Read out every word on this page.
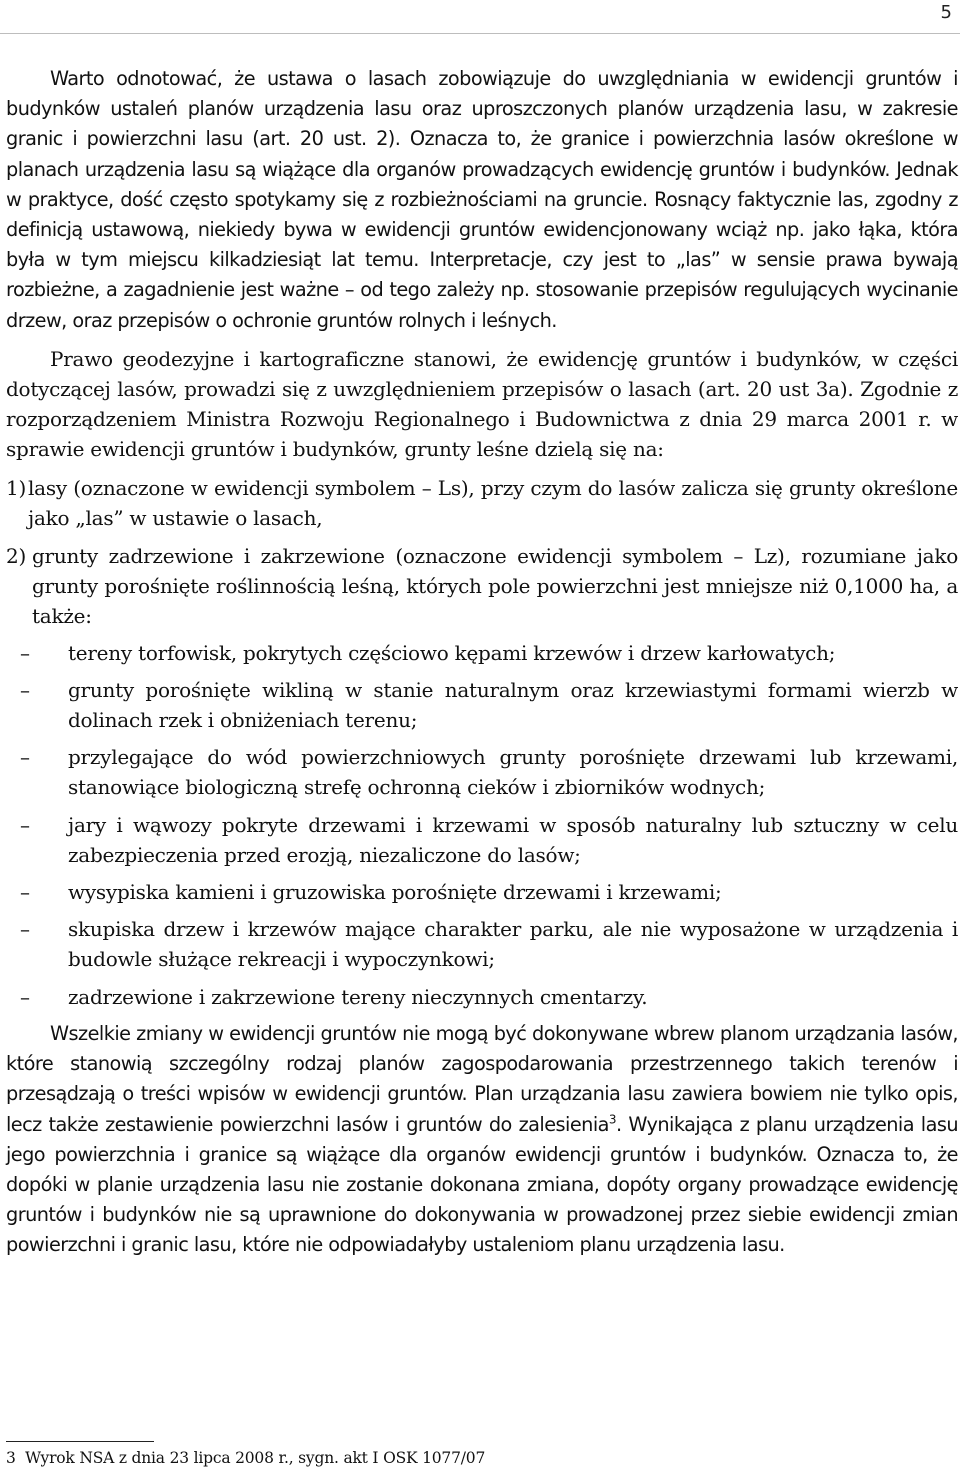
5

Warto odnotować, że ustawa o lasach zobowiązuje do uwzględniania w ewidencji gruntów i budynków ustaleń planów urządzenia lasu oraz uproszczonych planów urządzenia lasu, w zakresie granic i powierzchni lasu (art. 20 ust. 2). Oznacza to, że granice i powierzchnia lasów określone w planach urządzenia lasu są wiążące dla organów prowadzących ewidencję gruntów i budynków. Jednak w praktyce, dość często spotykamy się z rozbieżnościami na gruncie. Rosnący faktycznie las, zgodny z definicją ustawową, niekiedy bywa w ewidencji gruntów ewidencjonowany wciąż np. jako łąka, która była w tym miejscu kilkadziesiąt lat temu. Interpretacje, czy jest to „las” w sensie prawa bywają rozbieżne, a zagadnienie jest ważne – od tego zależy np. stosowanie przepisów regulujących wycinanie drzew, oraz przepisów o ochronie gruntów rolnych i leśnych.

Prawo geodezyjne i kartograficzne stanowi, że ewidencję gruntów i budynków, w części dotyczącej lasów, prowadzi się z uwzględnieniem przepisów o lasach (art. 20 ust 3a). Zgodnie z rozporządzeniem Ministra Rozwoju Regionalnego i Budownictwa z dnia 29 marca 2001 r. w sprawie ewidencji gruntów i budynków, grunty leśne dzielą się na:

1) lasy (oznaczone w ewidencji symbolem – Ls), przy czym do lasów zalicza się grunty określone jako „las” w ustawie o lasach,

2) grunty zadrzewione i zakrzewione (oznaczone ewidencji symbolem – Lz), rozumiane jako grunty porośnięte roślinnością leśną, których pole powierzchni jest mniejsze niż 0,1000 ha, a także:

– tereny torfowisk, pokrytych częściowo kępami krzewów i drzew karłowatych;
– grunty porośnięte wikliną w stanie naturalnym oraz krzewiastymi formami wierzb w dolinach rzek i obniżeniach terenu;
– przylegające do wód powierzchniowych grunty porośnięte drzewami lub krzewami, stanowiące biologiczną strefę ochronną cieków i zbiorników wodnych;
– jary i wąwozy pokryte drzewami i krzewami w sposób naturalny lub sztuczny w celu zabezpieczenia przed erozją, niezaliczone do lasów;
– wysypiska kamieni i gruzowiska porośnięte drzewami i krzewami;
– skupiska drzew i krzewów mające charakter parku, ale nie wyposażone w urządzenia i budowle służące rekreacji i wypoczynkowi;
– zadrzewione i zakrzewione tereny nieczynnych cmentarzy.

Wszelkie zmiany w ewidencji gruntów nie mogą być dokonywane wbrew planom urządzania lasów, które stanowią szczególny rodzaj planów zagospodarowania przestrzennego takich terenów i przesądzają o treści wpisów w ewidencji gruntów. Plan urządzania lasu zawiera bowiem nie tylko opis, lecz także zestawienie powierzchni lasów i gruntów do zalesienia$^3$. Wynikająca z planu urządzenia lasu jego powierzchnia i granice są wiążące dla organów ewidencji gruntów i budynków. Oznacza to, że dopóki w planie urządzenia lasu nie zostanie dokonana zmiana, dopóty organy prowadzące ewidencję gruntów i budynków nie są uprawnione do dokonywania w prowadzonej przez siebie ewidencji zmian powierzchni i granic lasu, które nie odpowiadałyby ustaleniom planu urządzenia lasu.

3 Wyrok NSA z dnia 23 lipca 2008 r., sygn. akt I OSK 1077/07
